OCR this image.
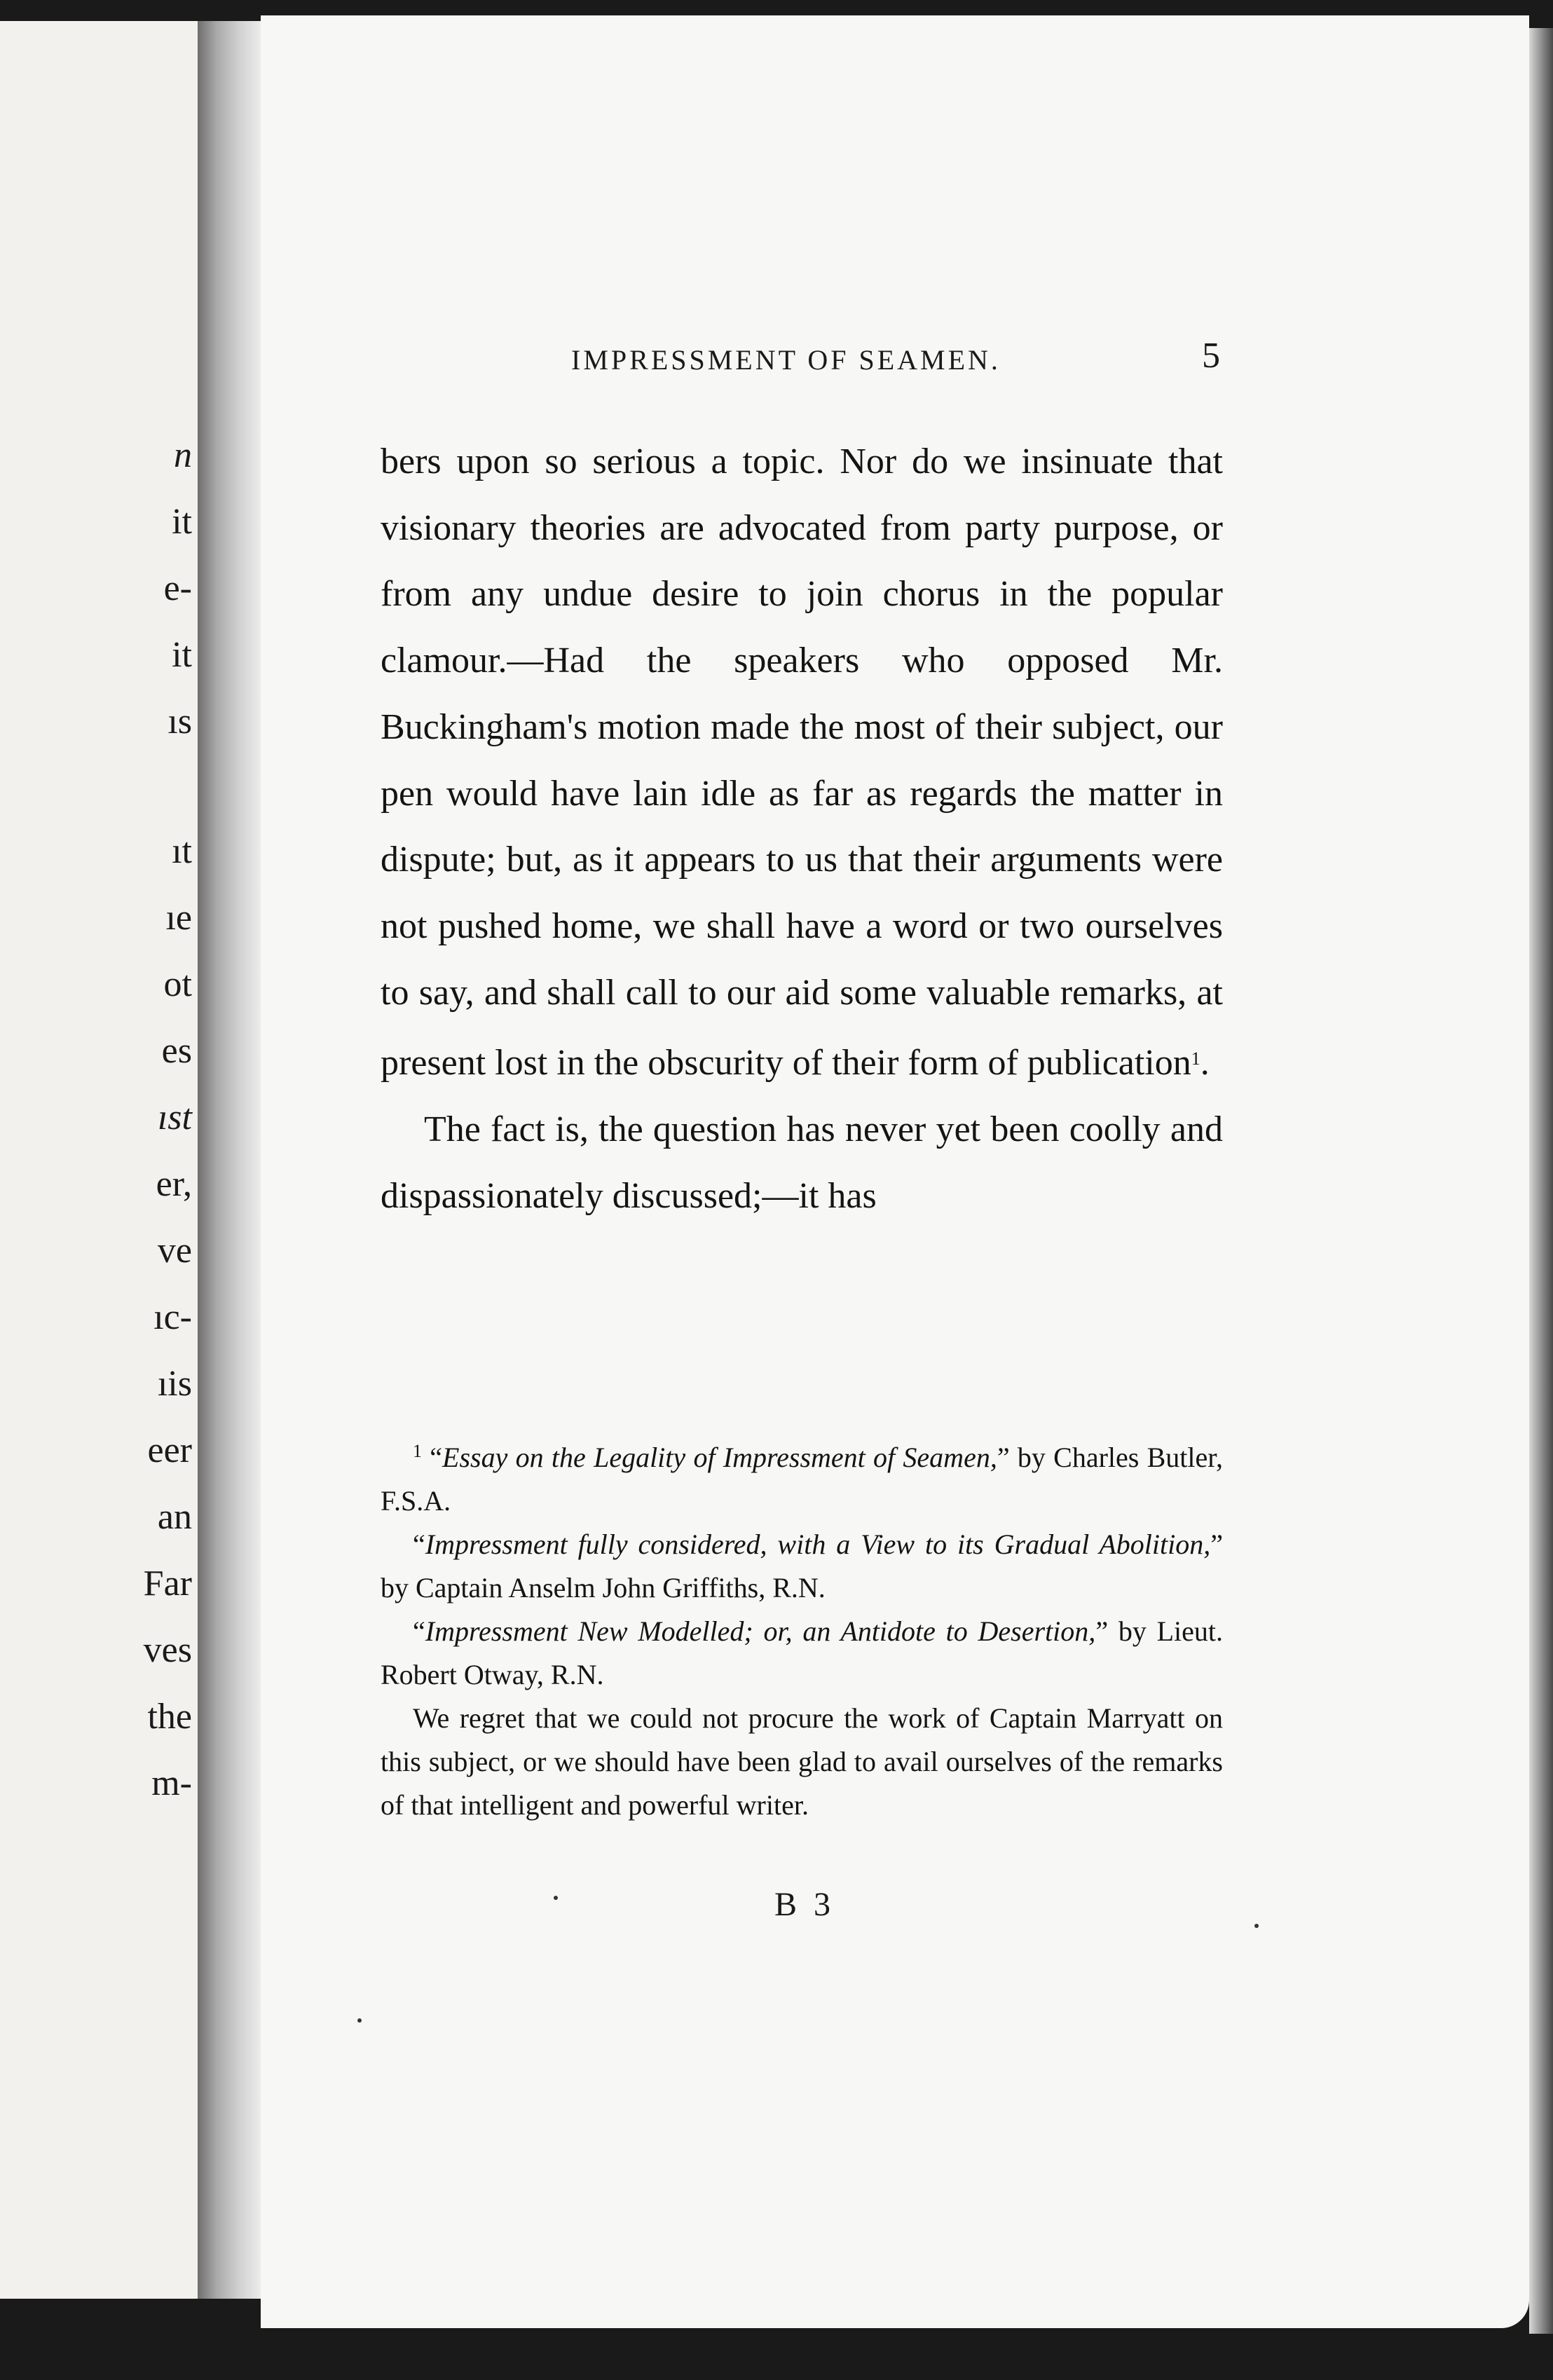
n
it
e-
it
ıs
ıt
ıe
ot
es
ıst
er,
ve
ıc-
ıis
eer
an
Far
ves
the
m-
IMPRESSMENT OF SEAMEN.	5

bers upon so serious a topic. Nor do we insinuate that visionary theories are advocated from party purpose, or from any undue desire to join chorus in the popular clamour.—Had the speakers who opposed Mr. Buckingham's motion made the most of their subject, our pen would have lain idle as far as regards the matter in dispute; but, as it appears to us that their arguments were not pushed home, we shall have a word or two ourselves to say, and shall call to our aid some valuable remarks, at present lost in the obscurity of their form of publication$^1$.

The fact is, the question has never yet been coolly and dispassionately discussed;—it has

$^1$ “Essay on the Legality of Impressment of Seamen,” by Charles Butler, F.S.A.

“Impressment fully considered, with a View to its Gradual Abolition,” by Captain Anselm John Griffiths, R.N.

“Impressment New Modelled; or, an Antidote to Desertion,” by Lieut. Robert Otway, R.N.

We regret that we could not procure the work of Captain Marryatt on this subject, or we should have been glad to avail ourselves of the remarks of that intelligent and powerful writer.

B 3
